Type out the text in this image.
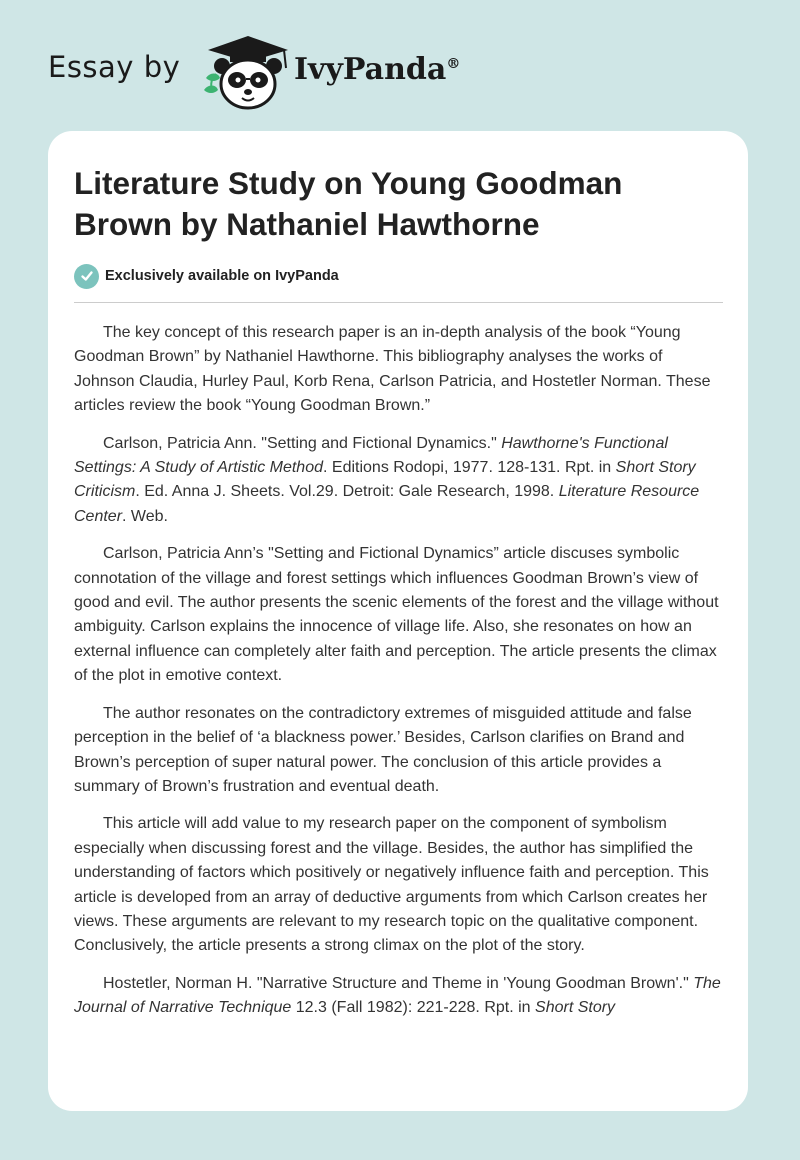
Essay by	IvyPanda®
Literature Study on Young Goodman Brown by Nathaniel Hawthorne
Exclusively available on IvyPanda

The key concept of this research paper is an in-depth analysis of the book “Young Goodman Brown” by Nathaniel Hawthorne. This bibliography analyses the works of Johnson Claudia, Hurley Paul, Korb Rena, Carlson Patricia, and Hostetler Norman. These articles review the book “Young Goodman Brown.”

Carlson, Patricia Ann. "Setting and Fictional Dynamics." Hawthorne's Functional Settings: A Study of Artistic Method. Editions Rodopi, 1977. 128-131. Rpt. in Short Story Criticism. Ed. Anna J. Sheets. Vol.29. Detroit: Gale Research, 1998. Literature Resource Center. Web.

Carlson, Patricia Ann’s "Setting and Fictional Dynamics” article discuses symbolic connotation of the village and forest settings which influences Goodman Brown’s view of good and evil. The author presents the scenic elements of the forest and the village without ambiguity. Carlson explains the innocence of village life. Also, she resonates on how an external influence can completely alter faith and perception. The article presents the climax of the plot in emotive context.

The author resonates on the contradictory extremes of misguided attitude and false perception in the belief of ‘a blackness power.’ Besides, Carlson clarifies on Brand and Brown’s perception of super natural power. The conclusion of this article provides a summary of Brown’s frustration and eventual death.

This article will add value to my research paper on the component of symbolism especially when discussing forest and the village. Besides, the author has simplified the understanding of factors which positively or negatively influence faith and perception. This article is developed from an array of deductive arguments from which Carlson creates her views. These arguments are relevant to my research topic on the qualitative component. Conclusively, the article presents a strong climax on the plot of the story.

Hostetler, Norman H. "Narrative Structure and Theme in 'Young Goodman Brown'." The Journal of Narrative Technique 12.3 (Fall 1982): 221-228. Rpt. in Short Story
